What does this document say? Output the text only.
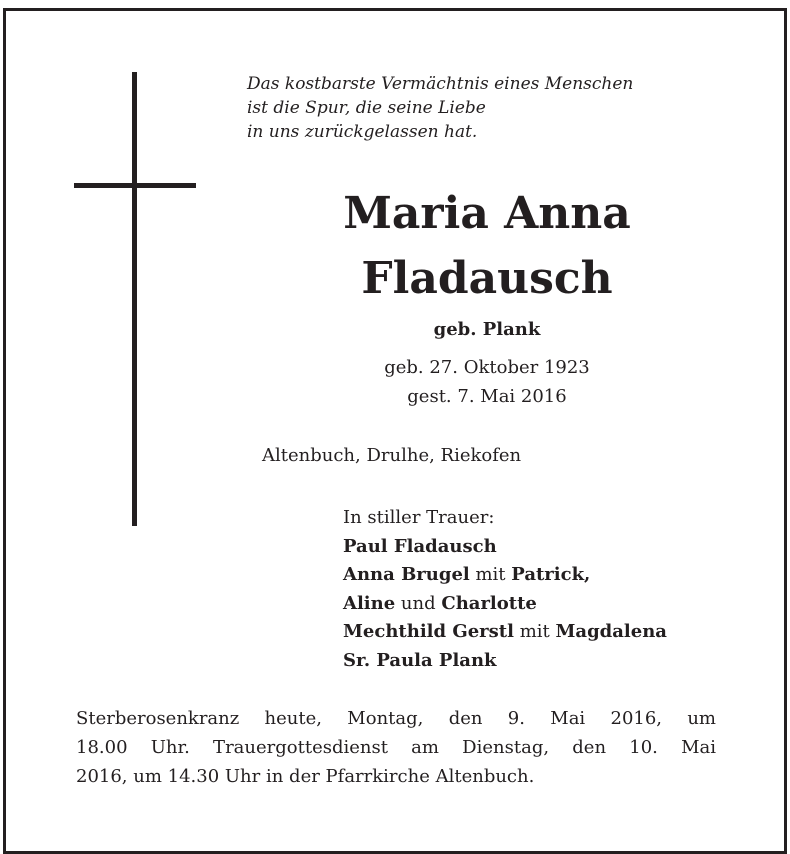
Das kostbarste Vermächtnis eines Menschen
ist die Spur, die seine Liebe
in uns zurückgelassen hat.
Maria Anna
Fladausch
geb. Plank
geb. 27. Oktober 1923
gest. 7. Mai 2016
Altenbuch, Drulhe, Riekofen
In stiller Trauer:
Paul Fladausch
Anna Brugel mit Patrick,
Aline und Charlotte
Mechthild Gerstl mit Magdalena
Sr. Paula Plank
Sterberosenkranz heute, Montag, den 9. Mai 2016, um
18.00 Uhr. Trauergottesdienst am Dienstag, den 10. Mai
2016, um 14.30 Uhr in der Pfarrkirche Altenbuch.
